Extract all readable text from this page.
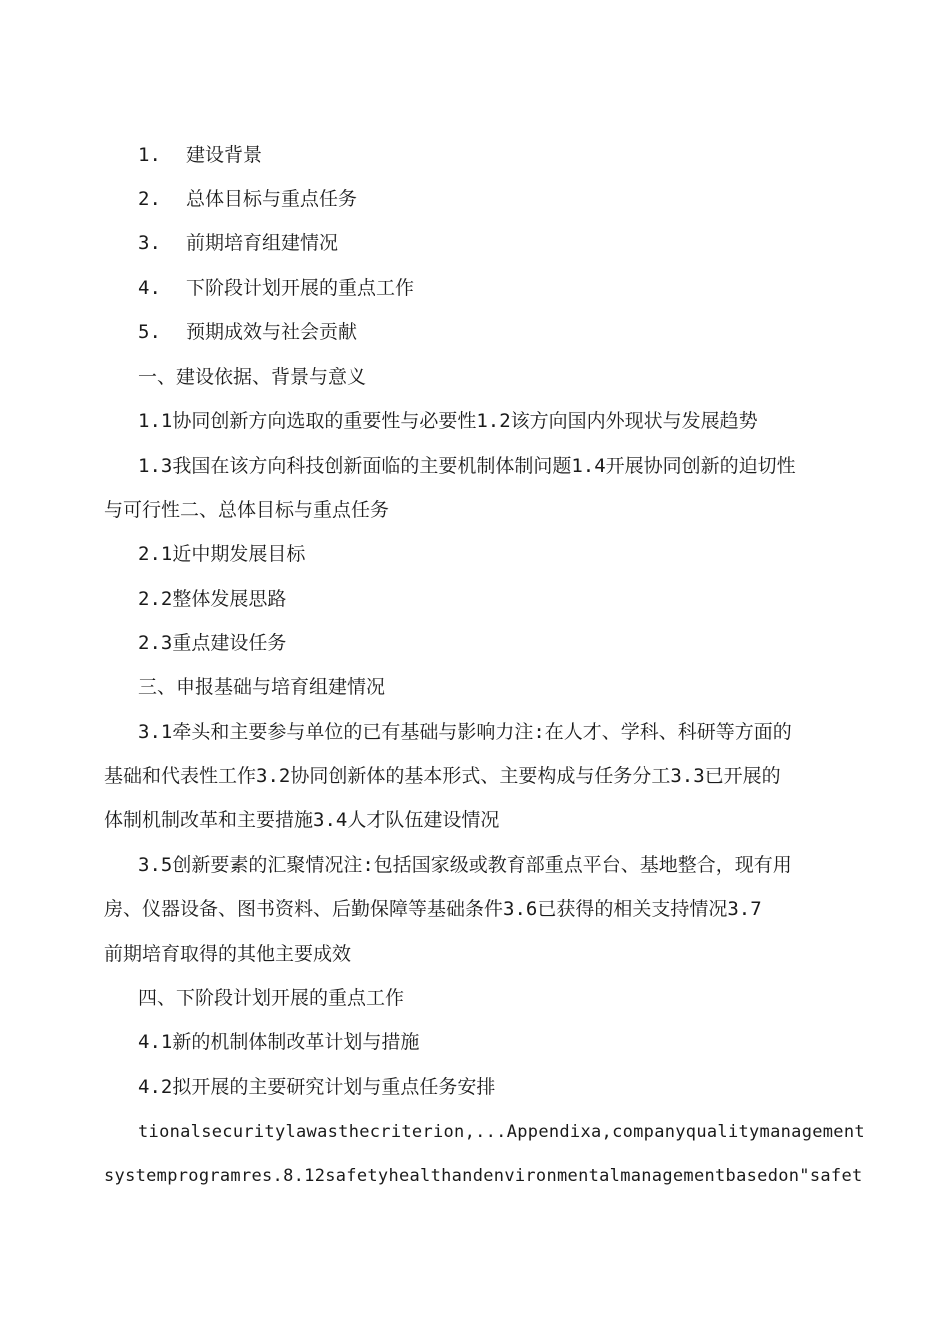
1. 建设背景
2. 总体目标与重点任务
3. 前期培育组建情况
4. 下阶段计划开展的重点工作
5. 预期成效与社会贡献
一、建设依据、背景与意义
1.1协同创新方向选取的重要性与必要性1.2该方向国内外现状与发展趋势
1.3我国在该方向科技创新面临的主要机制体制问题1.4开展协同创新的迫切性
与可行性二、总体目标与重点任务
2.1近中期发展目标
2.2整体发展思路
2.3重点建设任务
三、申报基础与培育组建情况
3.1牵头和主要参与单位的已有基础与影响力注:在人才、学科、科研等方面的
基础和代表性工作3.2协同创新体的基本形式、主要构成与任务分工3.3已开展的
体制机制改革和主要措施3.4人才队伍建设情况
3.5创新要素的汇聚情况注:包括国家级或教育部重点平台、基地整合，现有用
房、仪器设备、图书资料、后勤保障等基础条件3.6已获得的相关支持情况3.7
前期培育取得的其他主要成效
四、下阶段计划开展的重点工作
4.1新的机制体制改革计划与措施
4.2拟开展的主要研究计划与重点任务安排
tionalsecuritylawasthecriterion,...Appendixa,companyqualitymanagement
systemprogramres.8.12safetyhealthandenvironmentalmanagementbasedon"safet
